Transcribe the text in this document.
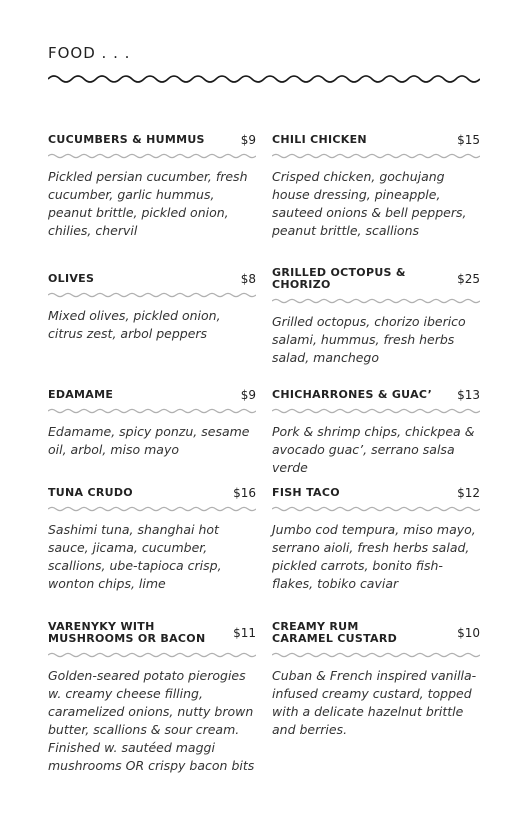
FOOD . . .
CUCUMBERS & HUMMUS	$9
Pickled persian cucumber, fresh cucumber, garlic hummus, peanut brittle, pickled onion, chilies, chervil
CHILI CHICKEN	$15
Crisped chicken, gochujang house dressing, pineapple, sauteed onions & bell peppers, peanut brittle, scallions
OLIVES	$8
Mixed olives, pickled onion, citrus zest, arbol peppers
GRILLED OCTOPUS & CHORIZO	$25
Grilled octopus, chorizo iberico salami, hummus, fresh herbs salad, manchego
EDAMAME	$9
Edamame, spicy ponzu, sesame oil, arbol, miso mayo
CHICHARRONES & GUAC’ $13
Pork & shrimp chips, chickpea & avocado guac’, serrano salsa verde
TUNA CRUDO	$16
Sashimi tuna, shanghai hot sauce, jicama, cucumber, scallions, ube-tapioca crisp, wonton chips, lime
FISH TACO	$12
Jumbo cod tempura, miso mayo, serrano aioli, fresh herbs salad, pickled carrots, bonito fish-flakes, tobiko caviar
VARENYKY WITH MUSHROOMS OR BACON $11
Golden-seared potato pierogies w. creamy cheese filling, caramelized onions, nutty brown butter, scallions & sour cream. Finished w. sautéed maggi mushrooms OR crispy bacon bits
CREAMY RUM CARAMEL CUSTARD	$10
Cuban & French inspired vanilla-infused creamy custard, topped with a delicate hazelnut brittle and berries.
